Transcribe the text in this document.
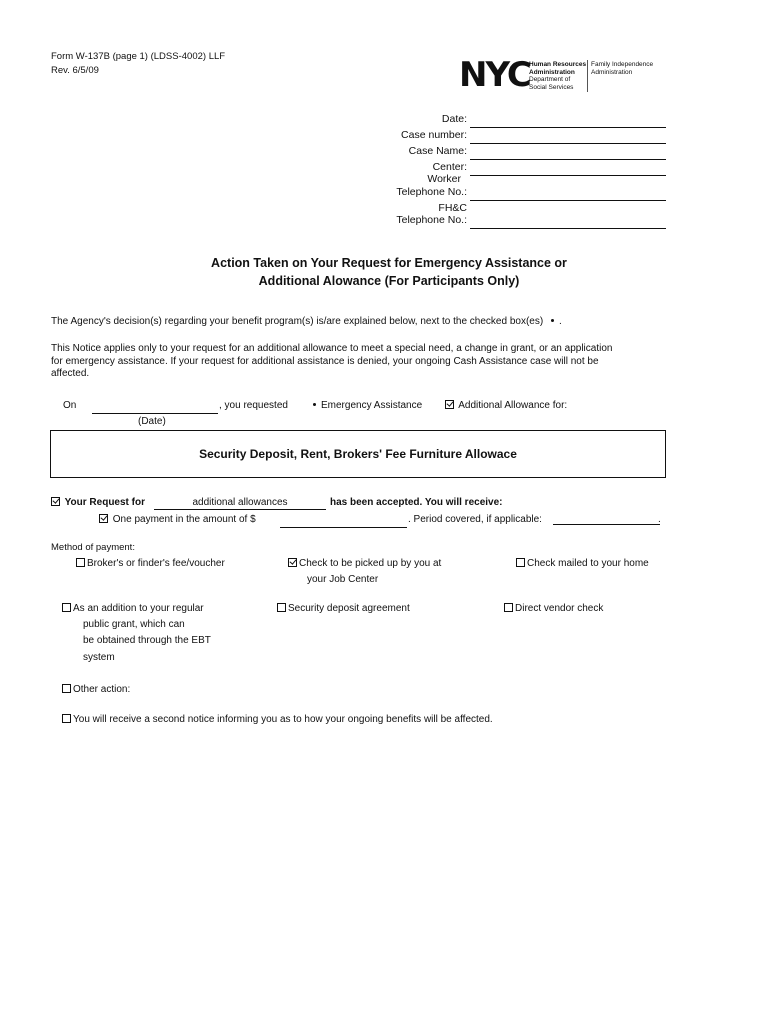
Form W-137B (page 1) (LDSS-4002) LLF
Rev. 6/5/09	NYC Human Resources
Administration
Department of
Social Services
Family Independence
Administration
Date:
Case number:
Case Name:
Center:
Worker
Telephone No.:
FH&C
Telephone No.:
Action Taken on Your Request for Emergency Assistance or
Additional Alowance (For Participants Only)
The Agency's decision(s) regarding your benefit program(s) is/are explained below, next to the checked box(es) .
This Notice applies only to your request for an additional allowance to meet a special need, a change in grant, or an application for emergency assistance. If your request for additional assistance is denied, your ongoing Cash Assistance case will not be affected.
On	, you requested
(Date)
Emergency Assistance	Additional Allowance for:
Security Deposit, Rent, Brokers' Fee Furniture Allowace
Your Request for	additional allowances	has been accepted. You will receive:
One payment in the amount of $	. Period covered, if applicable:	.
Method of payment:
Broker's or finder's fee/voucher	Check to be picked up by you at
your Job Center
Check mailed to your home
As an addition to your regular
public grant, which can
be obtained through the EBT
system
Security deposit agreement	Direct vendor check
Other action:
You will receive a second notice informing you as to how your ongoing benefits will be affected.
